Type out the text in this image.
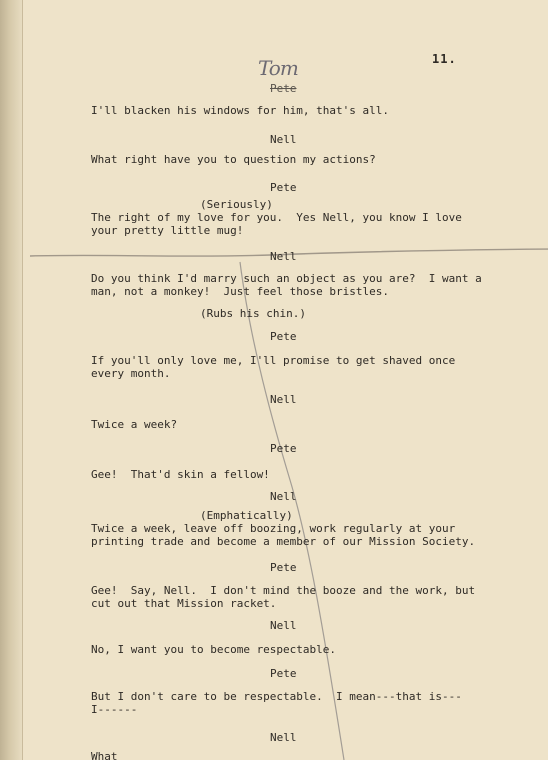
11.
Tom
Pete
I'll blacken his windows for him, that's all.
Nell
What right have you to question my actions?
Pete
(Seriously)
The right of my love for you.  Yes Nell, you know I love
your pretty little mug!
Nell
Do you think I'd marry such an object as you are?  I want a
man, not a monkey!  Just feel those bristles.
(Rubs his chin.)
Pete
If you'll only love me, I'll promise to get shaved once
every month.
Nell
Twice a week?
Pete
Gee!  That'd skin a fellow!
Nell
(Emphatically)
Twice a week, leave off boozing, work regularly at your
printing trade and become a member of our Mission Society.
Pete
Gee!  Say, Nell.  I don't mind the booze and the work, but
cut out that Mission racket.
Nell
No, I want you to become respectable.
Pete
But I don't care to be respectable.  I mean---that is---
I------
Nell
What
